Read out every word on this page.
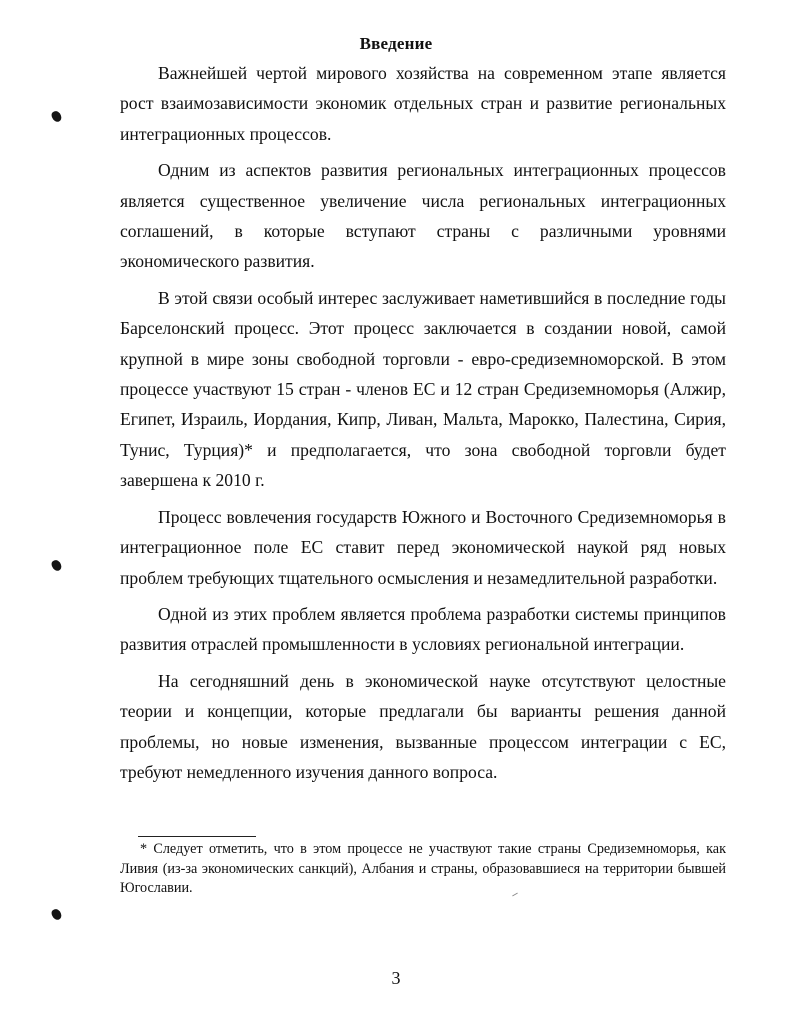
Введение

Важнейшей чертой мирового хозяйства на современном этапе является рост взаимозависимости экономик отдельных стран и развитие региональных интеграционных процессов.

Одним из аспектов развития региональных интеграционных процессов является существенное увеличение числа региональных интеграционных соглашений, в которые вступают страны с различными уровнями экономического развития.

В этой связи особый интерес заслуживает наметившийся в последние годы Барселонский процесс. Этот процесс заключается в создании новой, самой крупной в мире зоны свободной торговли - евро-средиземноморской. В этом процессе участвуют 15 стран - членов ЕС и 12 стран Средиземноморья (Алжир, Египет, Израиль, Иордания, Кипр, Ливан, Мальта, Марокко, Палестина, Сирия, Тунис, Турция)* и предполагается, что зона свободной торговли будет завершена к 2010 г.

Процесс вовлечения государств Южного и Восточного Средиземноморья в интеграционное поле ЕС ставит перед экономической наукой ряд новых проблем требующих тщательного осмысления и незамедлительной разработки.

Одной из этих проблем является проблема разработки системы принципов развития отраслей промышленности в условиях региональной интеграции.

На сегодняшний день в экономической науке отсутствуют целостные теории и концепции, которые предлагали бы варианты решения данной проблемы, но новые изменения, вызванные процессом интеграции с ЕС, требуют немедленного изучения данного вопроса.

* Следует отметить, что в этом процессе не участвуют такие страны Средиземноморья, как Ливия (из-за экономических санкций), Албания и страны, образовавшиеся на территории бывшей Югославии.

3
